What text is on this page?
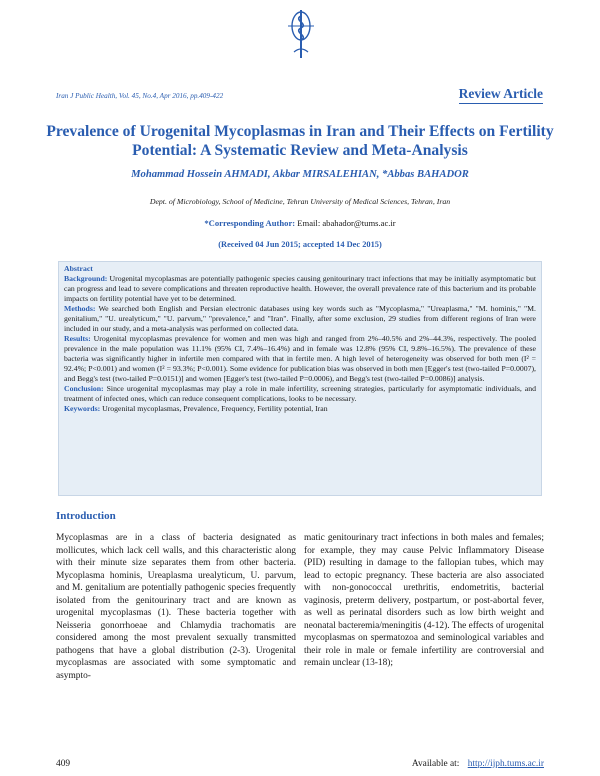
Iran J Public Health, Vol. 45, No.4, Apr 2016, pp.409-422	Review Article
Prevalence of Urogenital Mycoplasmas in Iran and Their Effects on Fertility Potential: A Systematic Review and Meta-Analysis
Mohammad Hossein AHMADI, Akbar MIRSALEHIAN, *Abbas BAHADOR
Dept. of Microbiology, School of Medicine, Tehran University of Medical Sciences, Tehran, Iran
*Corresponding Author: Email: abahador@tums.ac.ir
(Received 04 Jun 2015; accepted 14 Dec 2015)

Abstract

Background: Urogenital mycoplasmas are potentially pathogenic species causing genitourinary tract infections that may be initially asymptomatic but can progress and lead to severe complications and threaten reproductive health. However, the overall prevalence rate of this bacterium and its probable impacts on fertility potential have yet to be determined.

Methods: We searched both English and Persian electronic databases using key words such as "Mycoplasma," "Ureaplasma," "M. hominis," "M. genitalium," "U. urealyticum," "U. parvum," "prevalence," and "Iran". Finally, after some exclusion, 29 studies from different regions of Iran were included in our study, and a meta-analysis was performed on collected data.

Results: Urogenital mycoplasmas prevalence for women and men was high and ranged from 2%–40.5% and 2%–44.3%, respectively. The pooled prevalence in the male population was 11.1% (95% CI, 7.4%–16.4%) and in female was 12.8% (95% CI, 9.8%–16.5%). The prevalence of these bacteria was significantly higher in infertile men compared with that in fertile men. A high level of heterogeneity was observed for both men (I² = 92.4%; P<0.001) and women (I² = 93.3%; P<0.001). Some evidence for publication bias was observed in both men [Egger's test (two-tailed P=0.0007), and Begg's test (two-tailed P=0.0151)] and women [Egger's test (two-tailed P=0.0006), and Begg's test (two-tailed P=0.0086)] analysis.

Conclusion: Since urogenital mycoplasmas may play a role in male infertility, screening strategies, particularly for asymptomatic individuals, and treatment of infected ones, which can reduce consequent complications, looks to be necessary.

Keywords: Urogenital mycoplasmas, Prevalence, Frequency, Fertility potential, Iran

Introduction
Mycoplasmas are in a class of bacteria designated as mollicutes, which lack cell walls, and this characteristic along with their minute size separates them from other bacteria. Mycoplasma hominis, Ureaplasma urealyticum, U. parvum, and M. genitalium are potentially pathogenic species frequently isolated from the genitourinary tract and are known as urogenital mycoplasmas (1). These bacteria together with Neisseria gonorrhoeae and Chlamydia trachomatis are considered among the most prevalent sexually transmitted pathogens that have a global distribution (2-3). Urogenital mycoplasmas are associated with some symptomatic and asympto-
matic genitourinary tract infections in both males and females; for example, they may cause Pelvic Inflammatory Disease (PID) resulting in damage to the fallopian tubes, which may lead to ectopic pregnancy. These bacteria are also associated with non-gonococcal urethritis, endometritis, bacterial vaginosis, preterm delivery, postpartum, or post-abortal fever, as well as perinatal disorders such as low birth weight and neonatal bacteremia/meningitis (4-12). The effects of urogenital mycoplasmas on spermatozoa and seminological variables and their role in male or female infertility are controversial and remain unclear (13-18);
409	Available at: http://ijph.tums.ac.ir
